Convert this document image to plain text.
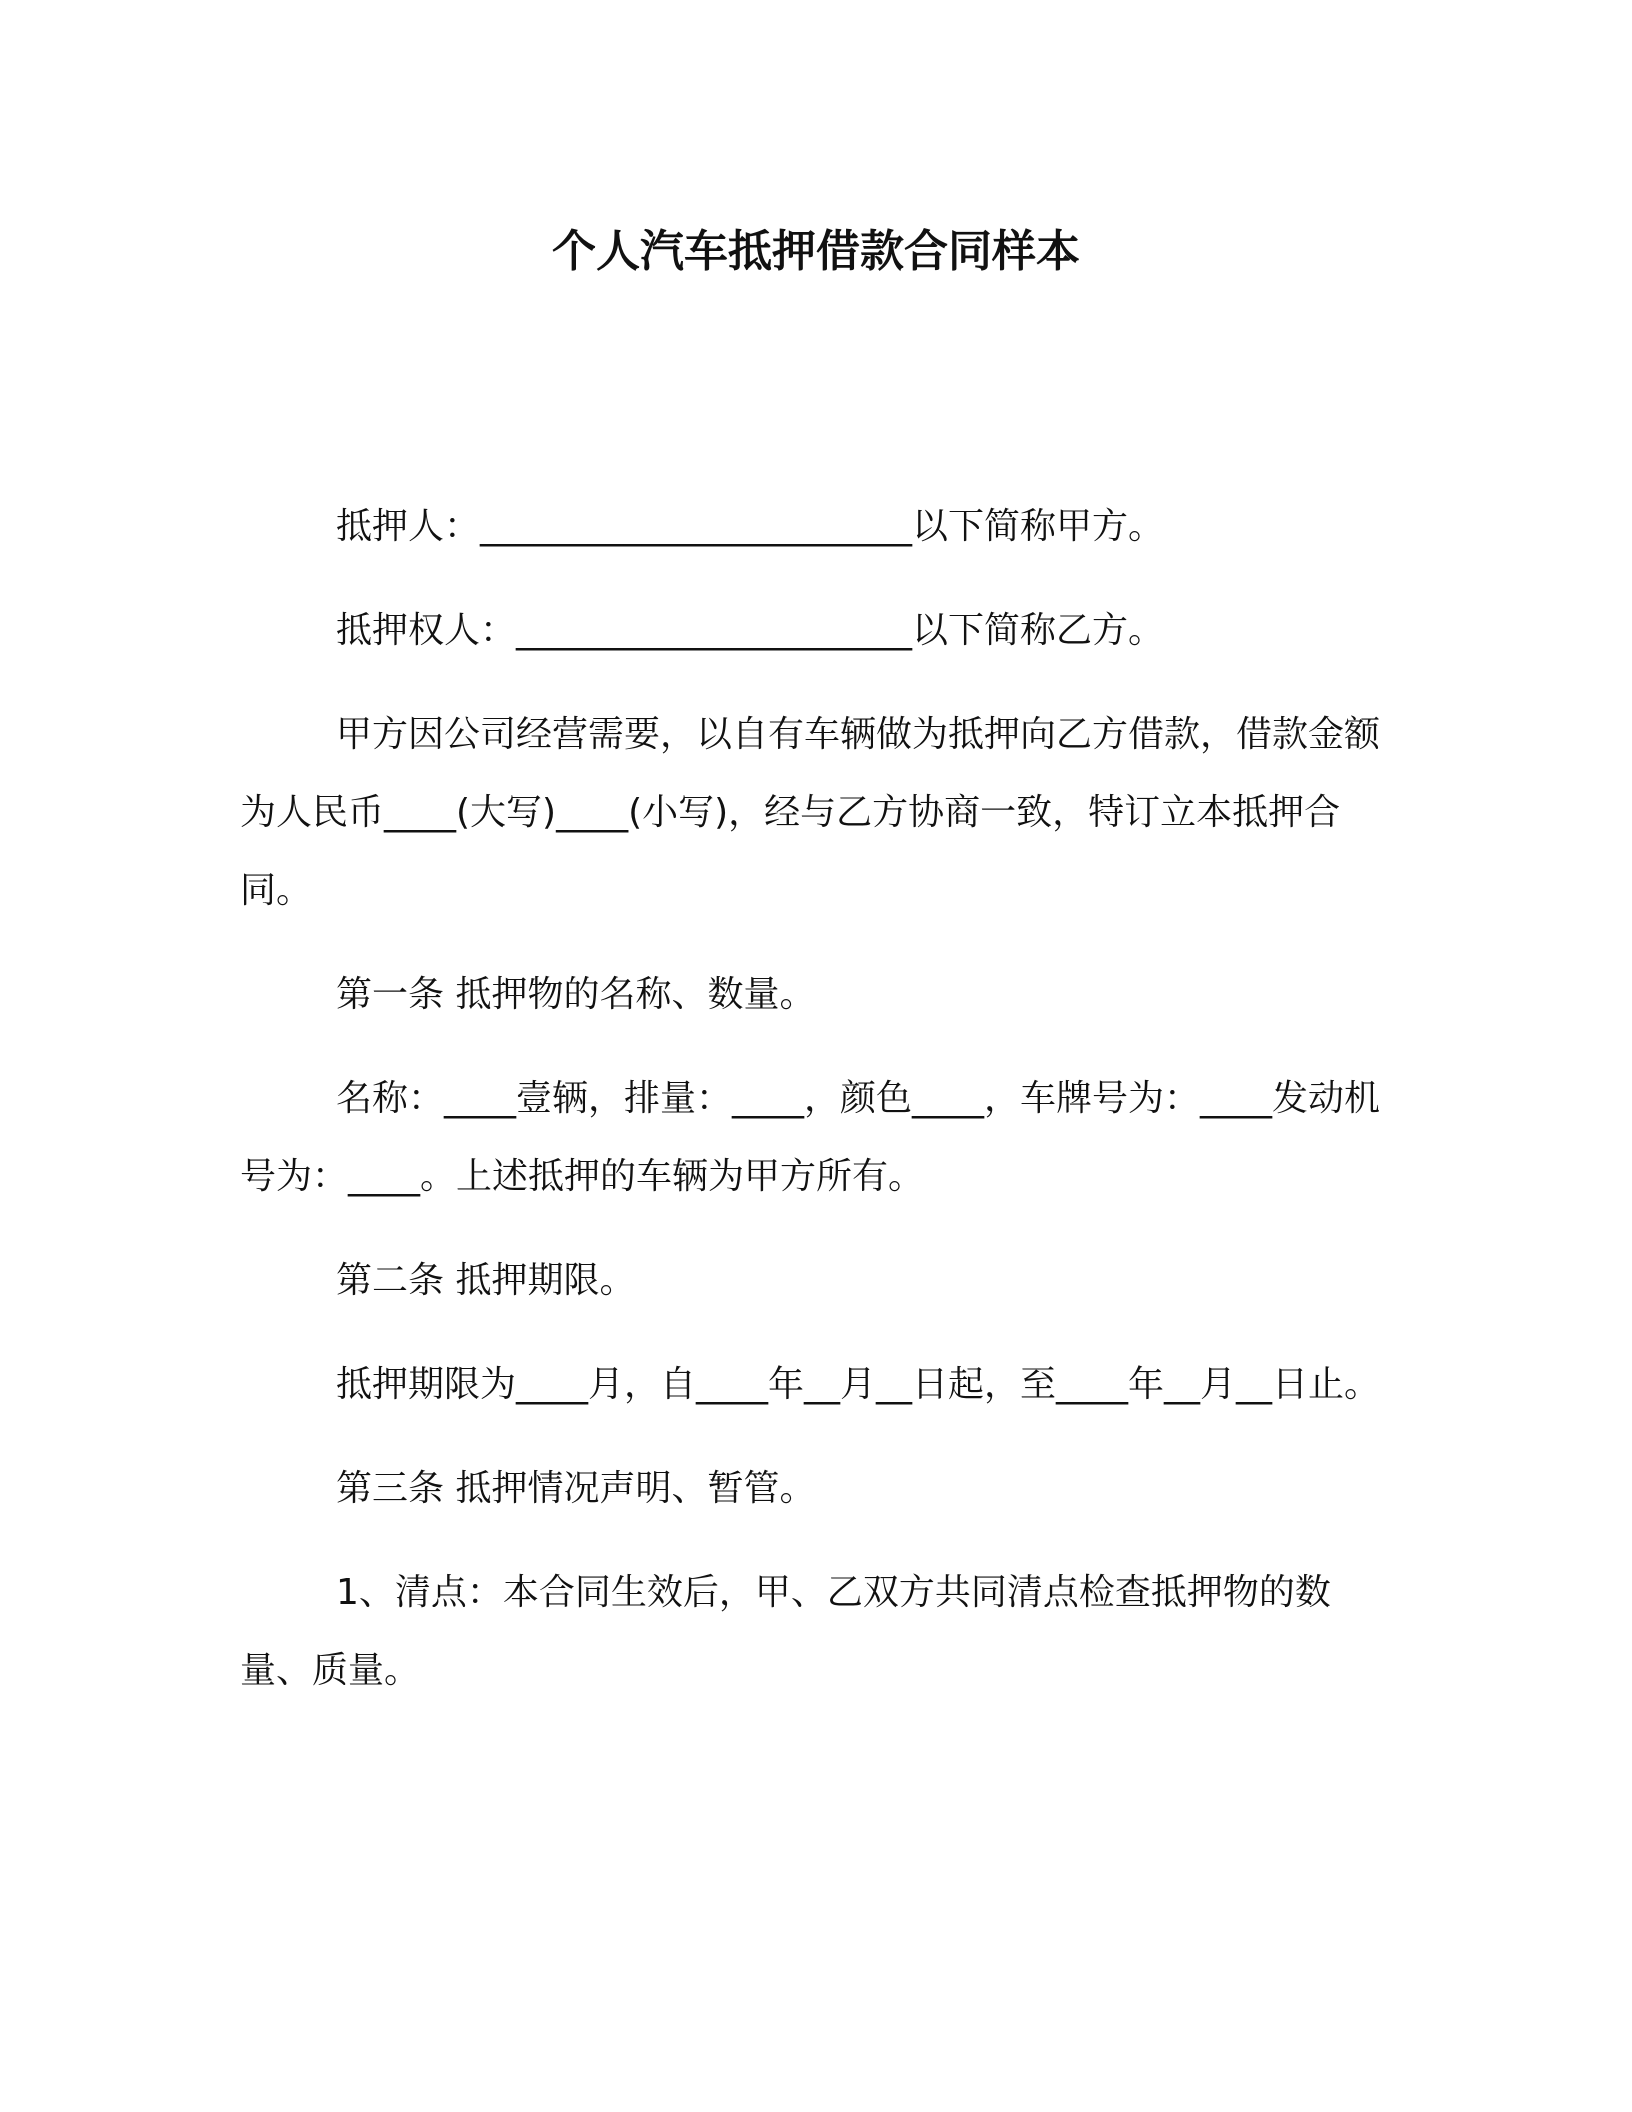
个人汽车抵押借款合同样本

抵押人：________________________以下简称甲方。

抵押权人：______________________以下简称乙方。

甲方因公司经营需要，以自有车辆做为抵押向乙方借款，借款金额为人民币____(大写)____(小写)，经与乙方协商一致，特订立本抵押合同。

第一条 抵押物的名称、数量。

名称：____壹辆，排量：____，颜色____，车牌号为：____发动机号为：____。上述抵押的车辆为甲方所有。

第二条 抵押期限。

抵押期限为____月，自____年__月__日起，至____年__月__日止。

第三条 抵押情况声明、暂管。

1、清点：本合同生效后，甲、乙双方共同清点检查抵押物的数量、质量。
